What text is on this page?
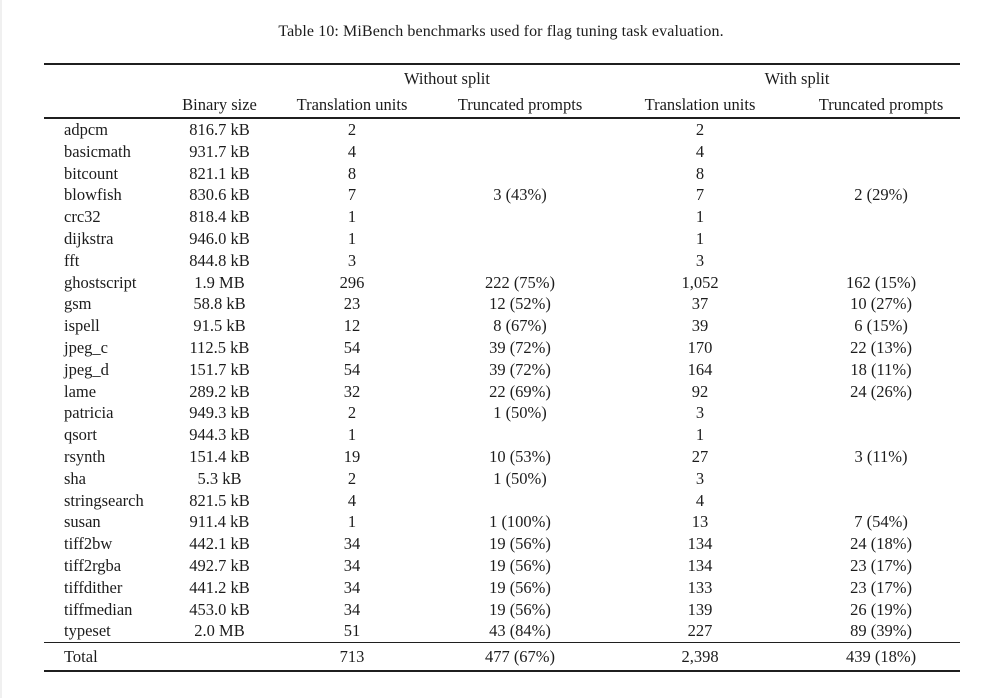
Table 10: MiBench benchmarks used for flag tuning task evaluation.
		Without split		With split	
	Binary size	Translation units	Truncated prompts	Translation units	Truncated prompts
adpcm	816.7 kB	2		2	
basicmath	931.7 kB	4		4	
bitcount	821.1 kB	8		8	
blowfish	830.6 kB	7	3 (43%)	7	2 (29%)
crc32	818.4 kB	1		1	
dijkstra	946.0 kB	1		1	
fft	844.8 kB	3		3	
ghostscript	1.9 MB	296	222 (75%)	1,052	162 (15%)
gsm	58.8 kB	23	12 (52%)	37	10 (27%)
ispell	91.5 kB	12	8 (67%)	39	6 (15%)
jpeg_c	112.5 kB	54	39 (72%)	170	22 (13%)
jpeg_d	151.7 kB	54	39 (72%)	164	18 (11%)
lame	289.2 kB	32	22 (69%)	92	24 (26%)
patricia	949.3 kB	2	1 (50%)	3	
qsort	944.3 kB	1		1	
rsynth	151.4 kB	19	10 (53%)	27	3 (11%)
sha	5.3 kB	2	1 (50%)	3	
stringsearch	821.5 kB	4		4	
susan	911.4 kB	1	1 (100%)	13	7 (54%)
tiff2bw	442.1 kB	34	19 (56%)	134	24 (18%)
tiff2rgba	492.7 kB	34	19 (56%)	134	23 (17%)
tiffdither	441.2 kB	34	19 (56%)	133	23 (17%)
tiffmedian	453.0 kB	34	19 (56%)	139	26 (19%)
typeset	2.0 MB	51	43 (84%)	227	89 (39%)
Total		713	477 (67%)	2,398	439 (18%)
